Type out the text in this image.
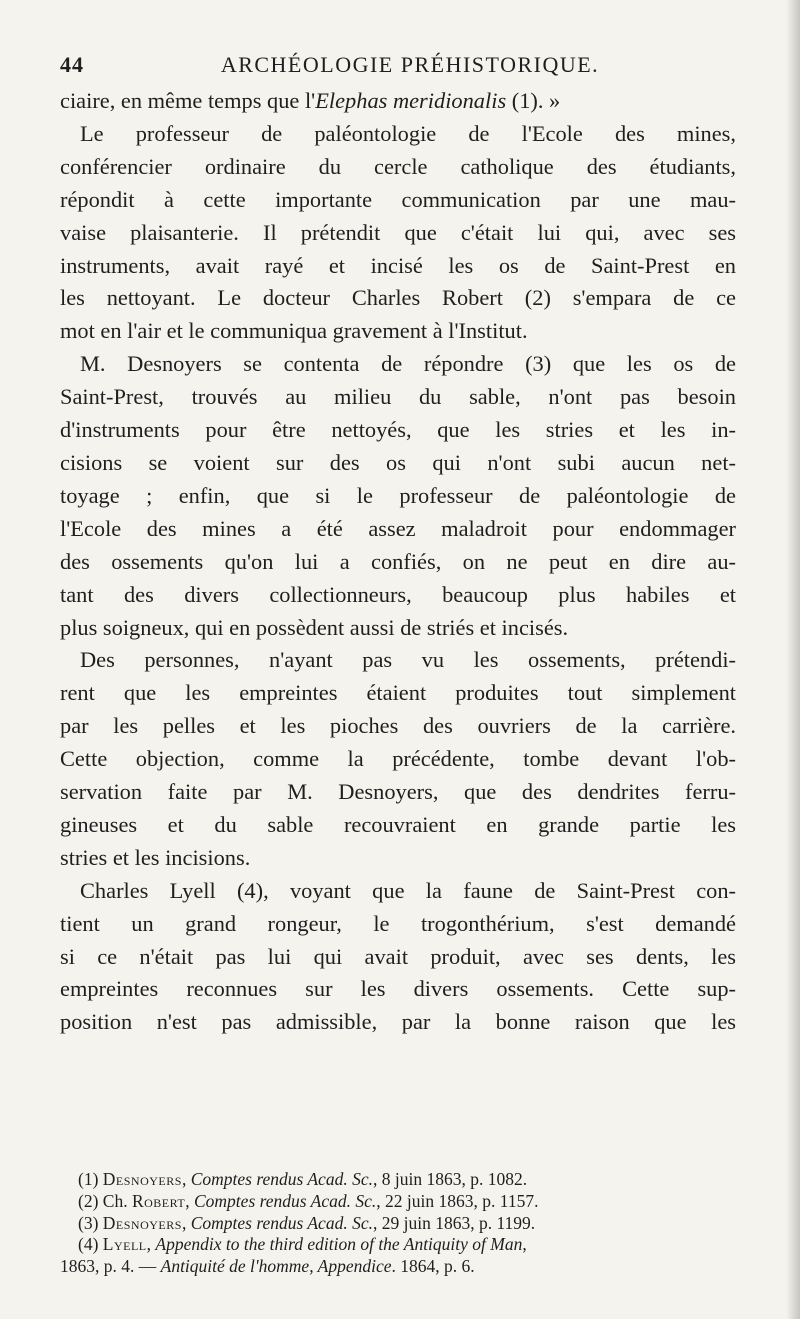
44	ARCHÉOLOGIE PRÉHISTORIQUE.

ciaire, en même temps que l'Elephas meridionalis (1). »

Le professeur de paléontologie de l'Ecole des mines,
conférencier ordinaire du cercle catholique des étudiants,
répondit à cette importante communication par une mau-
vaise plaisanterie. Il prétendit que c'était lui qui, avec ses
instruments, avait rayé et incisé les os de Saint-Prest en
les nettoyant. Le docteur Charles Robert (2) s'empara de ce
mot en l'air et le communiqua gravement à l'Institut.

M. Desnoyers se contenta de répondre (3) que les os de
Saint-Prest, trouvés au milieu du sable, n'ont pas besoin
d'instruments pour être nettoyés, que les stries et les in-
cisions se voient sur des os qui n'ont subi aucun net-
toyage ; enfin, que si le professeur de paléontologie de
l'Ecole des mines a été assez maladroit pour endommager
des ossements qu'on lui a confiés, on ne peut en dire au-
tant des divers collectionneurs, beaucoup plus habiles et
plus soigneux, qui en possèdent aussi de striés et incisés.

Des personnes, n'ayant pas vu les ossements, prétendi-
rent que les empreintes étaient produites tout simplement
par les pelles et les pioches des ouvriers de la carrière.
Cette objection, comme la précédente, tombe devant l'ob-
servation faite par M. Desnoyers, que des dendrites ferru-
gineuses et du sable recouvraient en grande partie les
stries et les incisions.

Charles Lyell (4), voyant que la faune de Saint-Prest con-
tient un grand rongeur, le trogonthérium, s'est demandé
si ce n'était pas lui qui avait produit, avec ses dents, les
empreintes reconnues sur les divers ossements. Cette sup-
position n'est pas admissible, par la bonne raison que les

(1) Desnoyers, Comptes rendus Acad. Sc., 8 juin 1863, p. 1082.
(2) Ch. Robert, Comptes rendus Acad. Sc., 22 juin 1863, p. 1157.
(3) Desnoyers, Comptes rendus Acad. Sc., 29 juin 1863, p. 1199.
(4) Lyell, Appendix to the third edition of the Antiquity of Man,
1863, p. 4. — Antiquité de l'homme, Appendice. 1864, p. 6.
